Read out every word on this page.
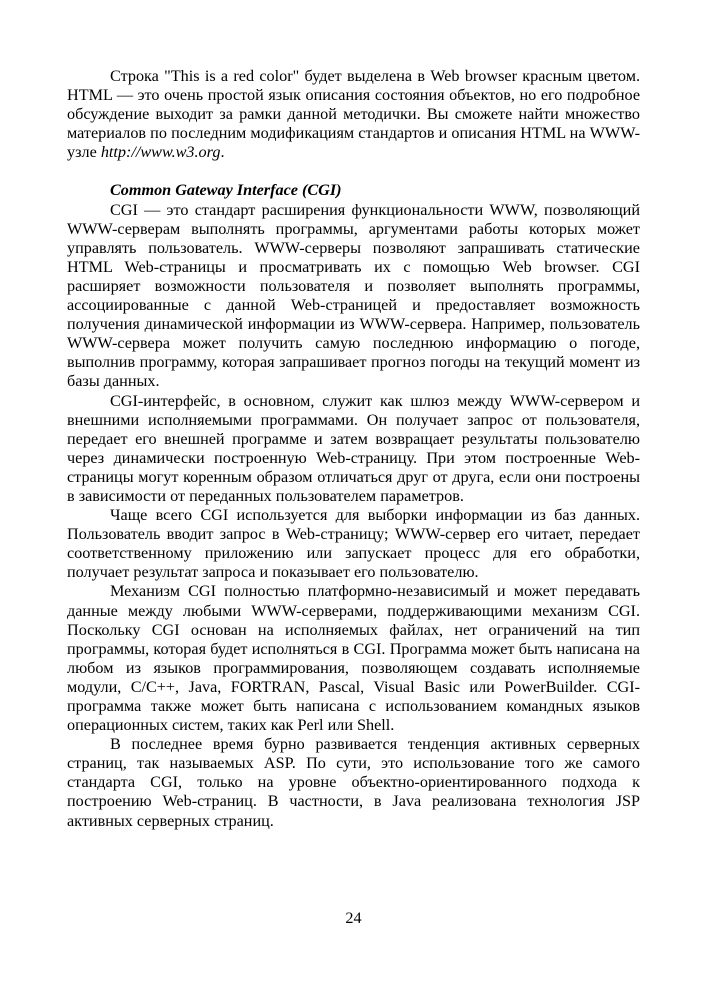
Строка "This is a red color" будет выделена в Web browser красным цветом. HTML — это очень простой язык описания состояния объектов, но его подробное обсуждение выходит за рамки данной методички. Вы сможете найти множество материалов по последним модификациям стандартов и описания HTML на WWW-узле http://www.w3.org.

Common Gateway Interface (CGI)

CGI — это стандарт расширения функциональности WWW, позволяющий WWW-серверам выполнять программы, аргументами работы которых может управлять пользователь. WWW-серверы позволяют запрашивать статические HTML Web-страницы и просматривать их с помощью Web browser. CGI расширяет возможности пользователя и позволяет выполнять программы, ассоциированные с данной Web-страницей и предоставляет возможность получения динамической информации из WWW-сервера. Например, пользователь WWW-сервера может получить самую последнюю информацию о погоде, выполнив программу, которая запрашивает прогноз погоды на текущий момент из базы данных.

CGI-интерфейс, в основном, служит как шлюз между WWW-сервером и внешними исполняемыми программами. Он получает запрос от пользователя, передает его внешней программе и затем возвращает результаты пользователю через динамически построенную Web-страницу. При этом построенные Web-страницы могут коренным образом отличаться друг от друга, если они построены в зависимости от переданных пользователем параметров.

Чаще всего CGI используется для выборки информации из баз данных. Пользователь вводит запрос в Web-страницу; WWW-сервер его читает, передает соответственному приложению или запускает процесс для его обработки, получает результат запроса и показывает его пользователю.

Механизм CGI полностью платформно-независимый и может передавать данные между любыми WWW-серверами, поддерживающими механизм CGI. Поскольку CGI основан на исполняемых файлах, нет ограничений на тип программы, которая будет исполняться в CGI. Программа может быть написана на любом из языков программирования, позволяющем создавать исполняемые модули, C/C++, Java, FORTRAN, Pascal, Visual Basic или PowerBuilder. CGI-программа также может быть написана с использованием командных языков операционных систем, таких как Perl или Shell.

В последнее время бурно развивается тенденция активных серверных страниц, так называемых ASP. По сути, это использование того же самого стандарта CGI, только на уровне объектно-ориентированного подхода к построению Web-страниц. В частности, в Java реализована технология JSP активных серверных страниц.

24
